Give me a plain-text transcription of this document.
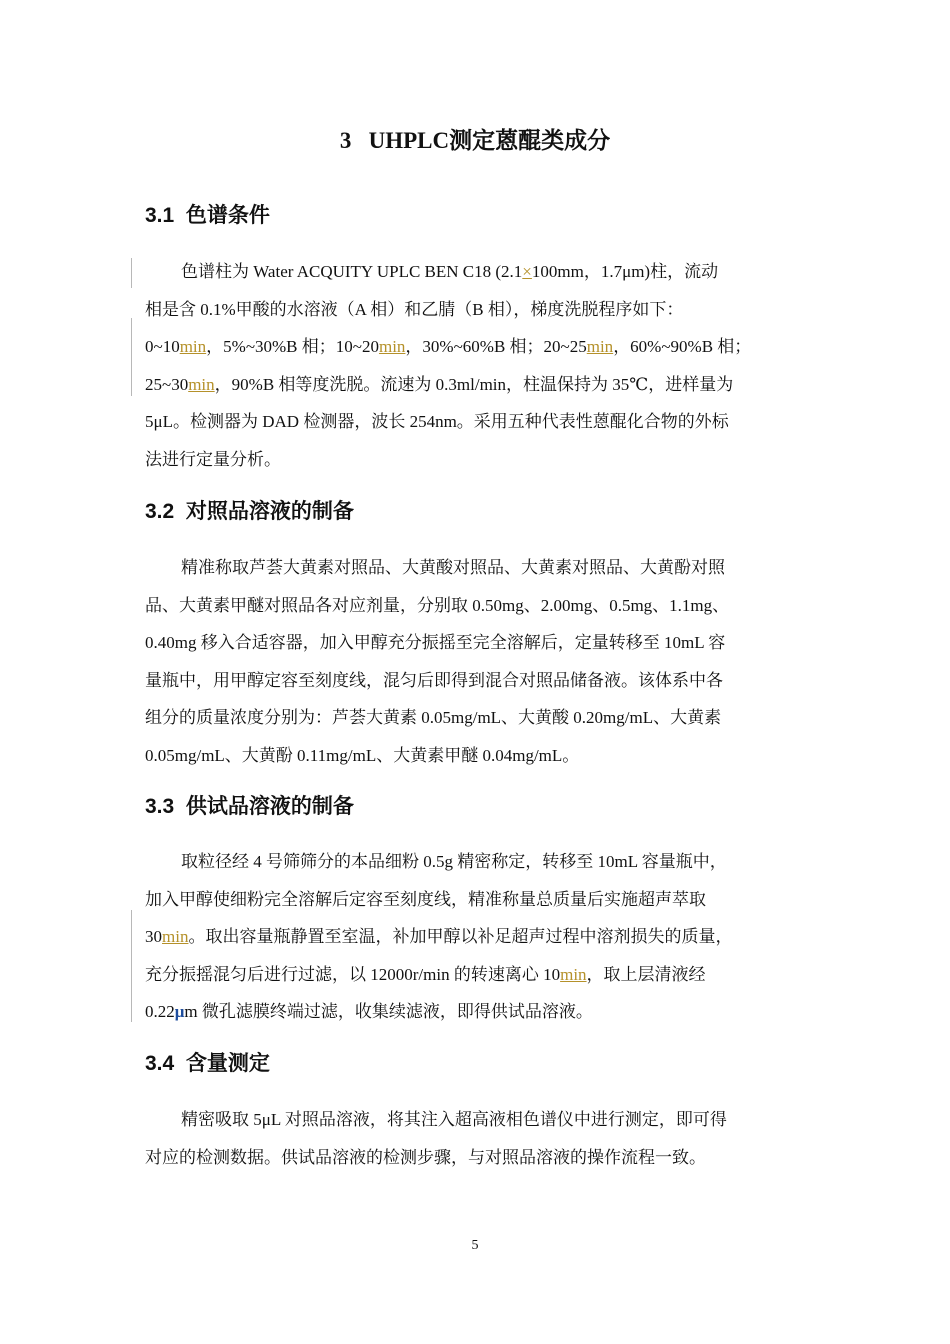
3   UHPLC测定蒽醌类成分
3.1  色谱条件
色谱柱为 Water ACQUITY UPLC BEN C18 (2.1×100mm，1.7μm)柱，流动
相是含 0.1%甲酸的水溶液（A 相）和乙腈（B 相），梯度洗脱程序如下：
0~10min，5%~30%B 相；10~20min，30%~60%B 相；20~25min，60%~90%B 相；
25~30min，90%B 相等度洗脱。流速为 0.3ml/min，柱温保持为 35℃，进样量为
5μL。检测器为 DAD 检测器，波长 254nm。采用五种代表性蒽醌化合物的外标
法进行定量分析。
3.2  对照品溶液的制备
精准称取芦荟大黄素对照品、大黄酸对照品、大黄素对照品、大黄酚对照
品、大黄素甲醚对照品各对应剂量，分别取 0.50mg、2.00mg、0.5mg、1.1mg、
0.40mg 移入合适容器，加入甲醇充分振摇至完全溶解后，定量转移至 10mL 容
量瓶中，用甲醇定容至刻度线，混匀后即得到混合对照品储备液。该体系中各
组分的质量浓度分别为：芦荟大黄素 0.05mg/mL、大黄酸 0.20mg/mL、大黄素
0.05mg/mL、大黄酚 0.11mg/mL、大黄素甲醚 0.04mg/mL。
3.3  供试品溶液的制备
取粒径经 4 号筛筛分的本品细粉 0.5g 精密称定，转移至 10mL 容量瓶中，
加入甲醇使细粉完全溶解后定容至刻度线，精准称量总质量后实施超声萃取
30min。取出容量瓶静置至室温，补加甲醇以补足超声过程中溶剂损失的质量，
充分振摇混匀后进行过滤，以 12000r/min 的转速离心 10min，取上层清液经
0.22μm 微孔滤膜终端过滤，收集续滤液，即得供试品溶液。
3.4  含量测定
精密吸取 5μL 对照品溶液，将其注入超高液相色谱仪中进行测定，即可得
对应的检测数据。供试品溶液的检测步骤，与对照品溶液的操作流程一致。
5
